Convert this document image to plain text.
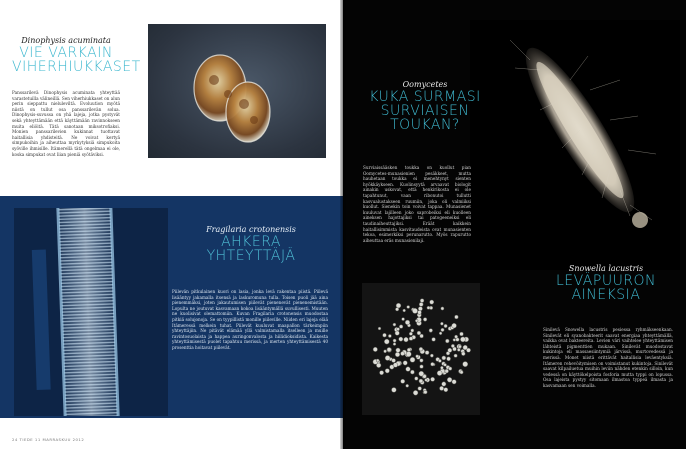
Dinophysis acuminata
VIE VARKAIN
VIHERHIUKKASET

Panssarilevä Dinophysis acuminata yhteyttää varastetuilla välineillä. Sen viherhiukkaset on alun perin sieppattu nieluleviltä. Evoluution myötä niistä on tullut osa panssarilevän solua. Dinophysis-suvussa on yhä lajeja, jotka pystyvät sekä yhteyttämään että käyttämään ravinnokseen muita eliöitä. Tätä sanotaan miksotrofiaksi. Monien panssarilevien kukinnat tuottavat haitallisia yhdisteitä. Ne voivat kertyä simpukoihin ja aiheuttaa myrkytyksiä simpukoita syöville ihmisille. Itämerellä tätä ongelmaa ei ole, koska simpukat ovat liian pieniä syötäviksi.

Fragilaria crotonensis
AHKERA
YHTEYTTÄJÄ

Piilevän pitkulainen kuori on lasia, jonka levä rakentaa piistä. Piilevä lisääntyy jakamalla itsensä ja laskuromuna tulla. Toisen puoli jää aina pienemmäksi, joten jakautumisen piilevät pienenevät pienenemistään. Lopulta ne joutuvat kasvamaan kokoa lisääntymällä suvullisesti. Muuten ne kuolisivat olemattomiin. Kuvan Fragilaria crotonensis muodostaa pitkiä solujonoja. Se on tyypillistä monille piileville. Niiden eri lajeja elää Itämeressä melkein tuhat. Piilevät kuuluvat maapallon tärkeimpiin yhteyttäjiin. Ne pitävät elämää yllä valmistamalla itselleen ja muille ravintosuolaista ja happea auringonvalosta ja hiilidioksidista. Kaikesta yhteyttämisestä puolet tapahtuu merissä, ja merten yhteyttämisestä 40 prosenttia hoitavat piilevät.

24 TIEDE 11 MARRASKUU 2012
Oomycetes
KUKA SURMASI
SURVIAISEN
TOUKAN?

Surviaissääsken toukka on kuollut pian Oomycetes-munasienien pesäkkeet, mutta hauhetaan toukka ei menehtynyt sienten hyökkäykseen. Kuolinsyytä arvaavat biologit ainakin uskovat, että henkirikosta ei ole tapahtunut, vaan ribonutoi tullutti kasvualustakseen ruumiin, joka oli valmiiksi kuollut. Sienekin toin voivat tappaa. Munasienet kuuluvat lajilleen joko saprobeiksi eli kuolleen aineksen hajottajiksi tai patogeeneiksi eli taudinaiheuttajiksi. Eräät kaikkein haitallisimmista kasvitaudeista ovat munasienten tekoa, esimerkiksi perunarutto. Myös rapurutto aiheuttaa eräs munasienilaji.

Snowella lacustris
LEVÄPUURON
AINEKSIA

Sinilevä Snowella lacustris pesiessa ryhmäkseenkaan. Sinilevät eli syanobakteerit saavat energiaa yhteyttämällä, vaikka ovat bakteereita. Levien väri vaihtelee yhteyttämisen lähteistä pigmenttien mukaan. Sinilevät muodostavat kukintoja eli massaesiintymiä järvissä, murtovedessä ja merissä. Monet niistä erittävät haitallisia leväentyksiä. Itämeren rehevöitymisen on voimistanut kukintoja. Sinilevät saavat kilpailuetua muihin leviin nähden etenkin silloin, kun vedessä on käyttökelpoista fosforia mutta typpi on lopussa. Osa lajeista pystyy sitomaan ilmastoa typpeä ilmasta ja kasvamaan sen voimalla.
